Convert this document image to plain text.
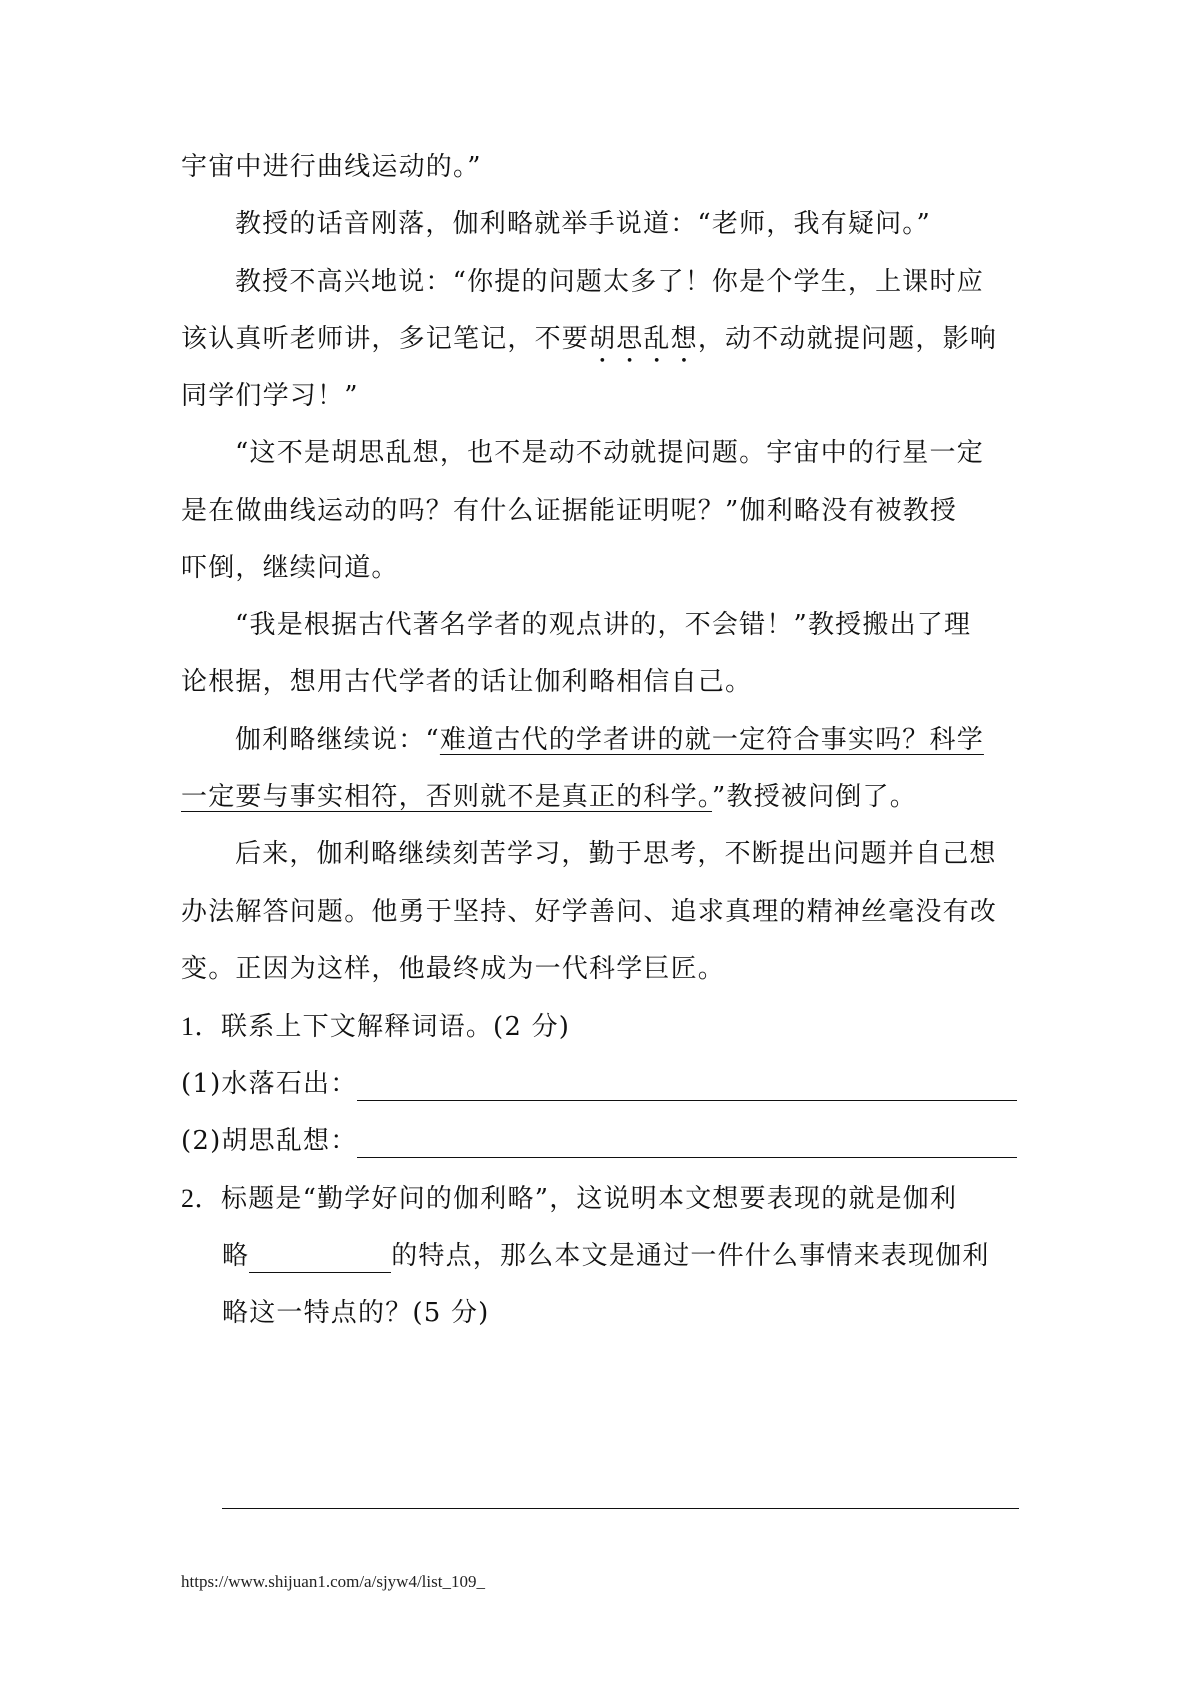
宇宙中进行曲线运动的。”
教授的话音刚落，伽利略就举手说道：“老师，我有疑问。”
教授不高兴地说：“你提的问题太多了！你是个学生，上课时应
该认真听老师讲，多记笔记，不要胡思乱想，动不动就提问题，影响
同学们学习！”
“这不是胡思乱想，也不是动不动就提问题。宇宙中的行星一定
是在做曲线运动的吗？有什么证据能证明呢？”伽利略没有被教授
吓倒，继续问道。
“我是根据古代著名学者的观点讲的，不会错！”教授搬出了理
论根据，想用古代学者的话让伽利略相信自己。
伽利略继续说：“难道古代的学者讲的就一定符合事实吗？科学
一定要与事实相符，否则就不是真正的科学。”教授被问倒了。
后来，伽利略继续刻苦学习，勤于思考，不断提出问题并自己想
办法解答问题。他勇于坚持、好学善问、追求真理的精神丝毫没有改
变。正因为这样，他最终成为一代科学巨匠。
1．联系上下文解释词语。(2 分)
(1)水落石出：
(2)胡思乱想：
2．标题是“勤学好问的伽利略”，这说明本文想要表现的就是伽利
略	的特点，那么本文是通过一件什么事情来表现伽利
略这一特点的？(5 分)
https://www.shijuan1.com/a/sjyw4/list_109_
